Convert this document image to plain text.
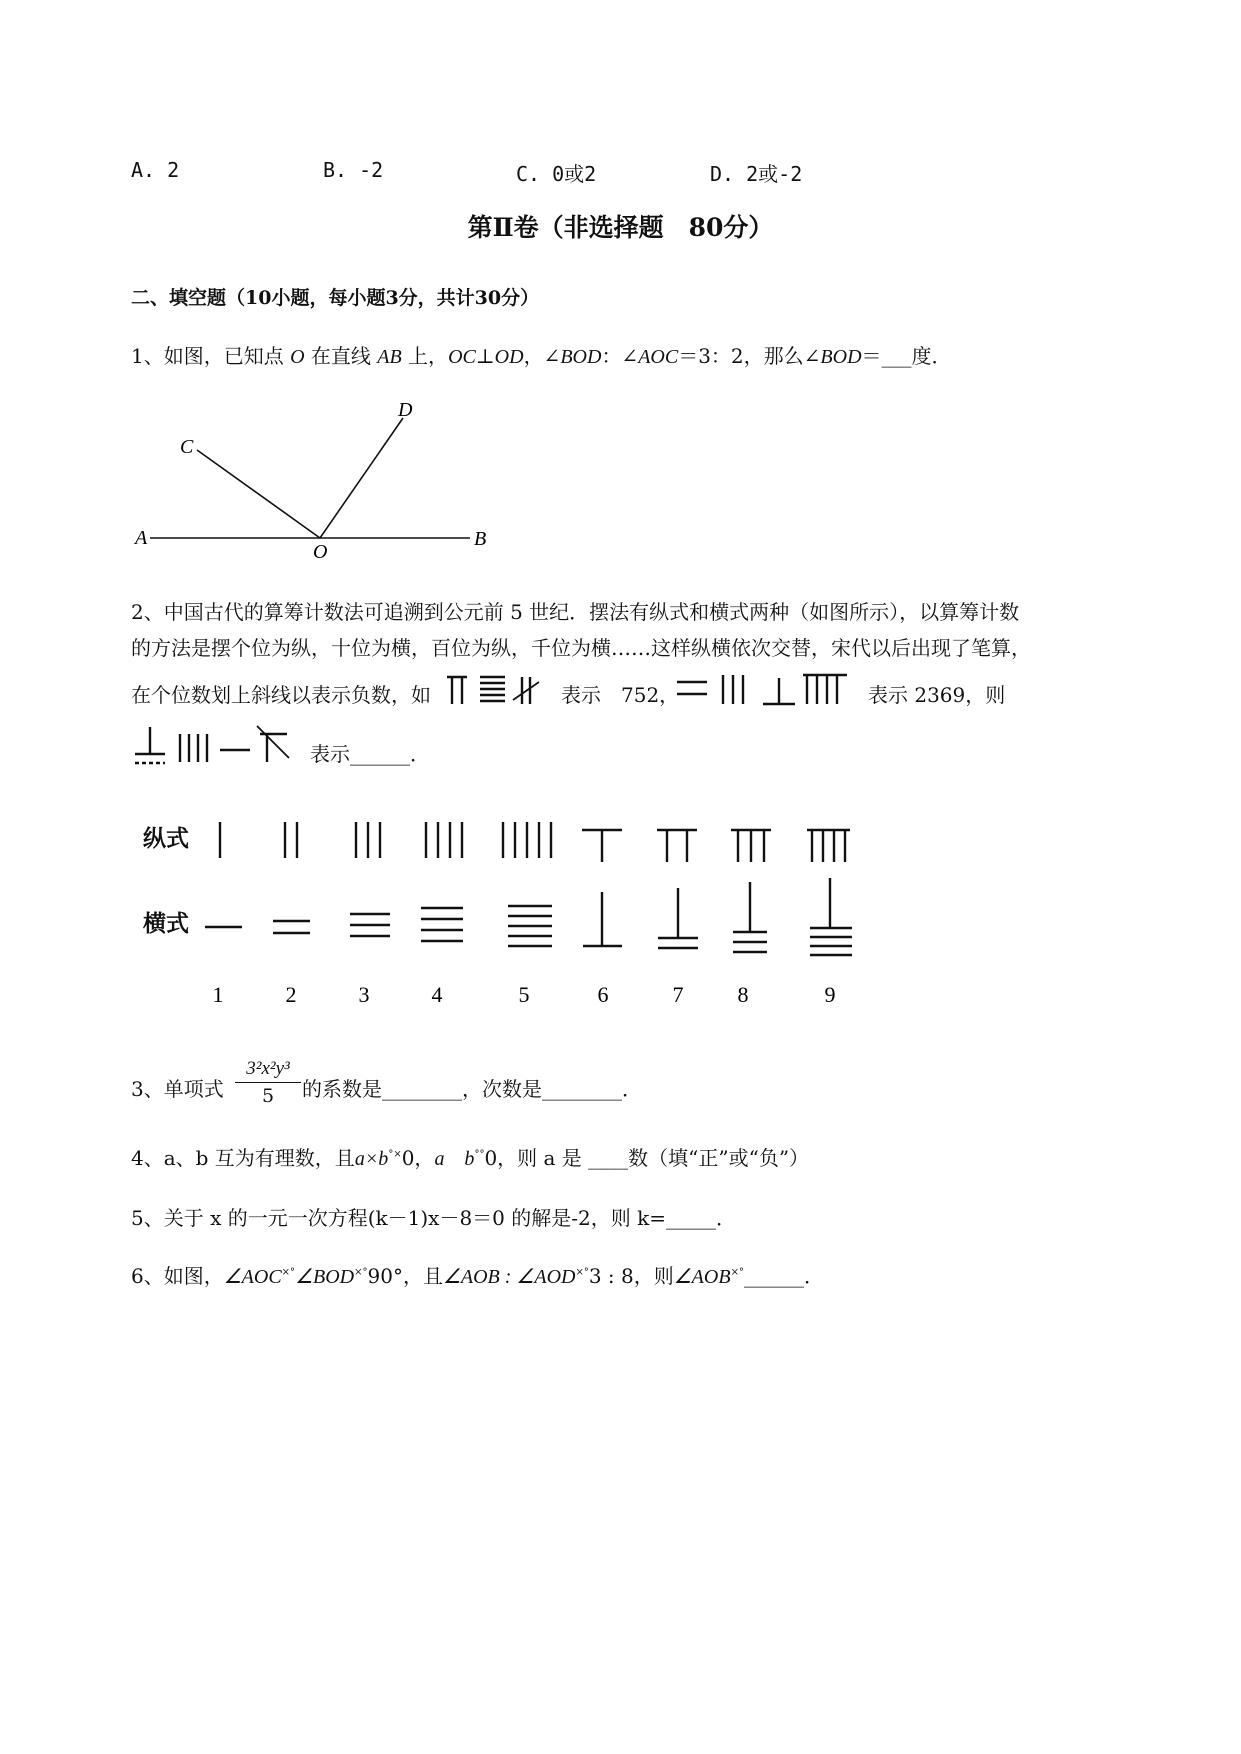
A. 2	B. -2	C. 0或2	D. 2或-2
第Ⅱ卷（非选择题　80分）
二、填空题（10小题，每小题3分，共计30分）
1、如图，已知点 O 在直线 AB 上，OC⊥OD，∠BOD：∠AOC＝3：2，那么∠BOD＝___度．
A	B
C
D
O
2、中国古代的算筹计数法可追溯到公元前 5 世纪．摆法有纵式和横式两种（如图所示），以算筹计数
的方法是摆个位为纵，十位为横，百位为纵，千位为横……这样纵横依次交替，宋代以后出现了笔算，
在个位数划上斜线以表示负数，如	表示　752，	表示 2369，则
表示______．
纵式
横式
1	2	3	4	5	6	7 8	9
3、单项式 $\frac{\text{3²x²y³}}{5}$ 的系数是________，次数是________．
4、a、b 互为有理数，且a×b°×0，a　b°°0，则 a 是 ____数（填“正”或“负”）
5、关于 x 的一元一次方程(k－1)x－8＝0 的解是-2，则 k=_____．
6、如图，∠AOC×°∠BOD×°90°，且∠AOB : ∠AOD×°3 : 8，则∠AOB×°______．
